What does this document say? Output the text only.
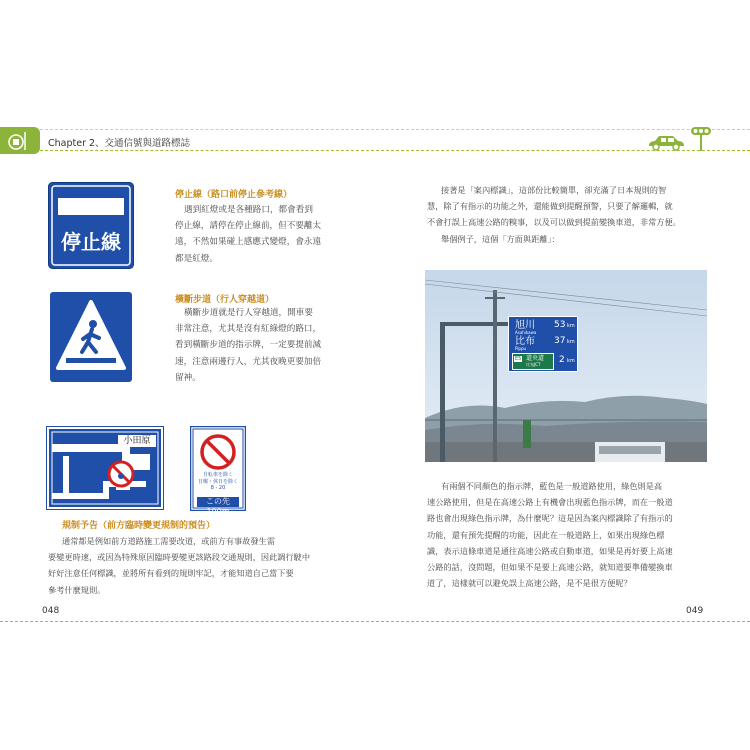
Chapter 2、交通信號與道路標誌
停止線
小田原
自転車を除く
日曜・休日を除く
8 - 20
この先100m
停止線（路口前停止參考線）
遇到紅燈或是各種路口，都會看到
停止線，請停在停止線前，但不要離太
遠，不然如果碰上感應式變燈，會永遠
都是紅燈。
橫斷步道（行人穿越道）
橫斷步道就是行人穿越道，開車要
非常注意，尤其是沒有紅綠燈的路口，
看到橫斷步道的指示牌，一定要提前減
速，注意兩邊行人，尤其夜晚更要加倍
留神。
規制予告（前方臨時變更規制的預告）
通常都是例如前方道路施工需要改道，或前方有事故發生需
要變更時速，或因為特殊原因臨時要變更該路段交通規則，因此調行駛中
好好注意任何標識，並將所有看到的規則牢記，才能知道自己當下要
參考什麼規則。
接著是「案內標識」，這部份比較簡單，卻充滿了日本規則的智
慧，除了有指示的功能之外，還能做到提醒預警，只要了解邏輯，就
不會打誤上高速公路的糗事，以及可以做到提前變換車道，非常方便。
舉個例子，這個「方面與距離」：
旭川
Asahikawa
53 km
比布
Pippu
37 km
E5 道央道
比布JCT 2 km
有兩個不同顏色的指示牌，藍色是一般道路使用，綠色則是高
速公路使用，但是在高速公路上有機會出現藍色指示牌，而在一般道
路也會出現綠色指示牌，為什麼呢？這是因為案內標識除了有指示的
功能，還有預先提醒的功能，因此在一般道路上，如果出現綠色標
識，表示這條車道是通往高速公路或自動車道，如果是再好要上高速
公路的話，沒問題，但如果不是要上高速公路，就知道要準備變換車
道了，這樣就可以避免誤上高速公路，是不是很方便呢？
048	049
